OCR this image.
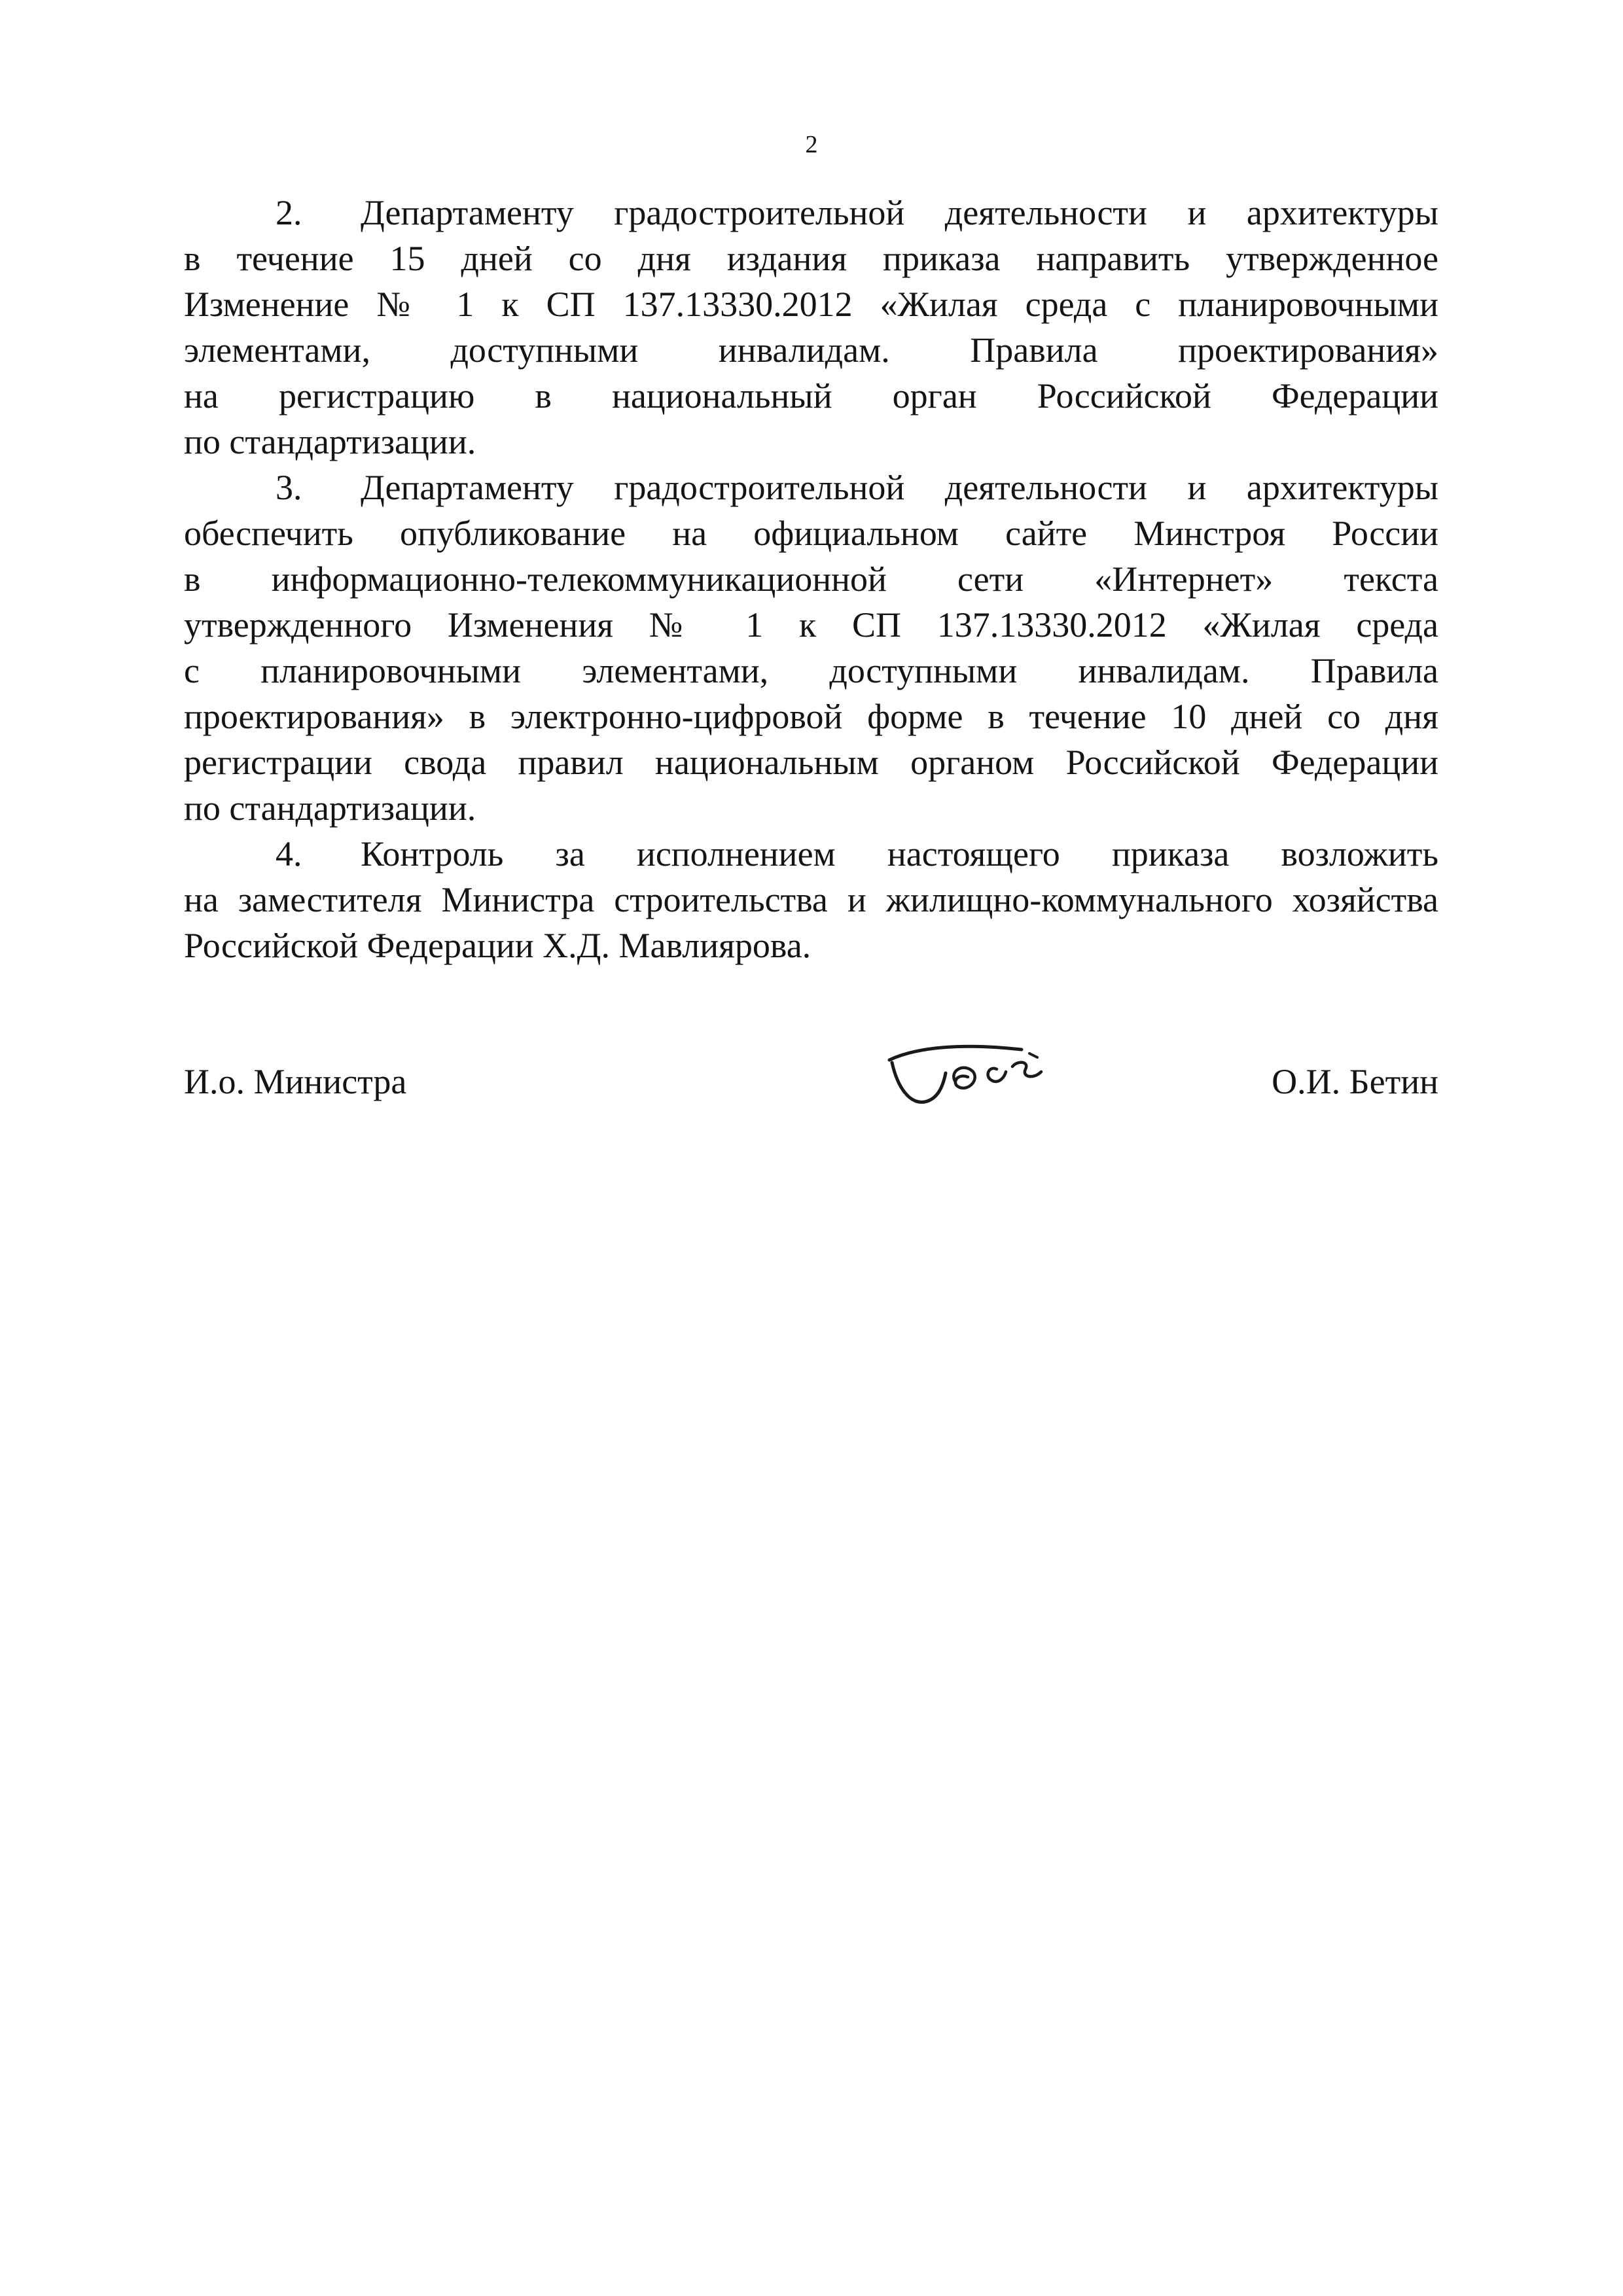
2
2. Департаменту градостроительной деятельности и архитектуры
в течение 15 дней со дня издания приказа направить утвержденное
Изменение № 1 к СП 137.13330.2012 «Жилая среда с планировочными
элементами, доступными инвалидам. Правила проектирования»
на регистрацию в национальный орган Российской Федерации
по стандартизации.
3. Департаменту градостроительной деятельности и архитектуры
обеспечить опубликование на официальном сайте Минстроя России
в информационно-телекоммуникационной сети «Интернет» текста
утвержденного Изменения № 1 к СП 137.13330.2012 «Жилая среда
с планировочными элементами, доступными инвалидам. Правила
проектирования» в электронно-цифровой форме в течение 10 дней со дня
регистрации свода правил национальным органом Российской Федерации
по стандартизации.
4. Контроль за исполнением настоящего приказа возложить
на заместителя Министра строительства и жилищно-коммунального хозяйства
Российской Федерации Х.Д. Мавлиярова.
И.о. Министра	О.И. Бетин
